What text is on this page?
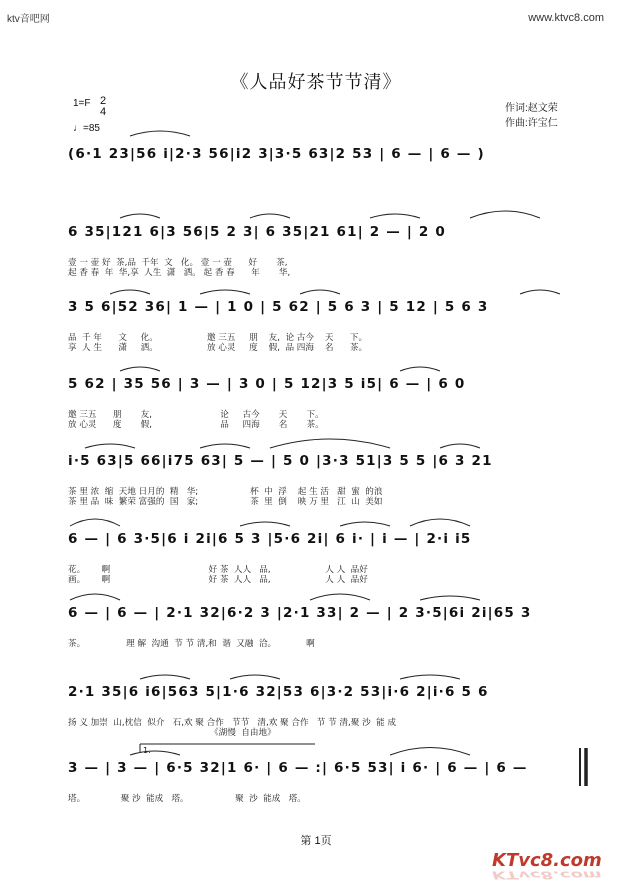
ktv音吧网	www.ktvc8.com
《人品好茶节节清》
1=F 2
4
♩=85
作词:赵文荣
作曲:许宝仁
(6·1 23|56 i|2·3 56|i2 3|3·5 63|2 53 | 6 — | 6 — )
6 35|121 6|3 56|5 2 3| 6 35|21 61| 2 — | 2 0
壹 一 壶 好  茶,品  千年  文   化。 壹 一 壶      好       茶,
起 香 春  年  华,享  人生  潇   洒。 起 香 春      年       华,
3 5 6|52 36| 1 — | 1 0 | 5 62 | 5 6 3 | 5 12 | 5 6 3
品  千 年      文     化。                  邀 三五     朋    友,  论 古今    天      下。
享  人 生      潇     洒。                  放 心灵     度    假,  品 四海    名      茶。
5 62 | 35 56 | 3 — | 3 0 | 5 12|3 5 i5| 6 — | 6 0
邀 三五      朋       友,                         论     古今       天       下。
放 心灵      度       假,                         品     四海       名       茶。
i·5 63|5 66|i75 63| 5 — | 5 0 |3·3 51|3 5 5 |6 3 21
茶 里 浓  缩  天地 日月的  精   华;                   杯  中  浮    起 生 活   甜  蜜  的浪
茶 里 品  味  繁荣 富强的  国   家;                   茶  里  倒    映 万 里   江  山  美如
6 — | 6 3·5|6 i 2i|6 5 3 |5·6 2i| 6 i· | i — | 2·i i5
花。      啊                                    好 茶  人人   品,                    人 人  品好
画。      啊                                    好 茶  人人   品,                    人 人  品好
6 — | 6 — | 2·1 32|6·2 3 |2·1 33| 2 — | 2 3·5|6i 2i|65 3
茶。               理 解  沟通  节 节 清,和  谐  又融  洽。           啊
2·1 35|6 i6|563 5|1·6 32|53 6|3·2 53|i·6 2|i·6 5 6
扬 义 加崇  山,枕信  似介   石,欢 聚 合作   节节   清,欢 聚 合作   节 节 清,聚 沙  能 成
《湖慢  自由地》
3 — | 3 — | 6·5 32|1 6· | 6 — :| 6·5 53| i 6· | 6 — | 6 —
塔。             聚 沙  能成   塔。                 聚  沙  能成   塔。
1.
第 1页
KTvc8.com
KTvc8.com
